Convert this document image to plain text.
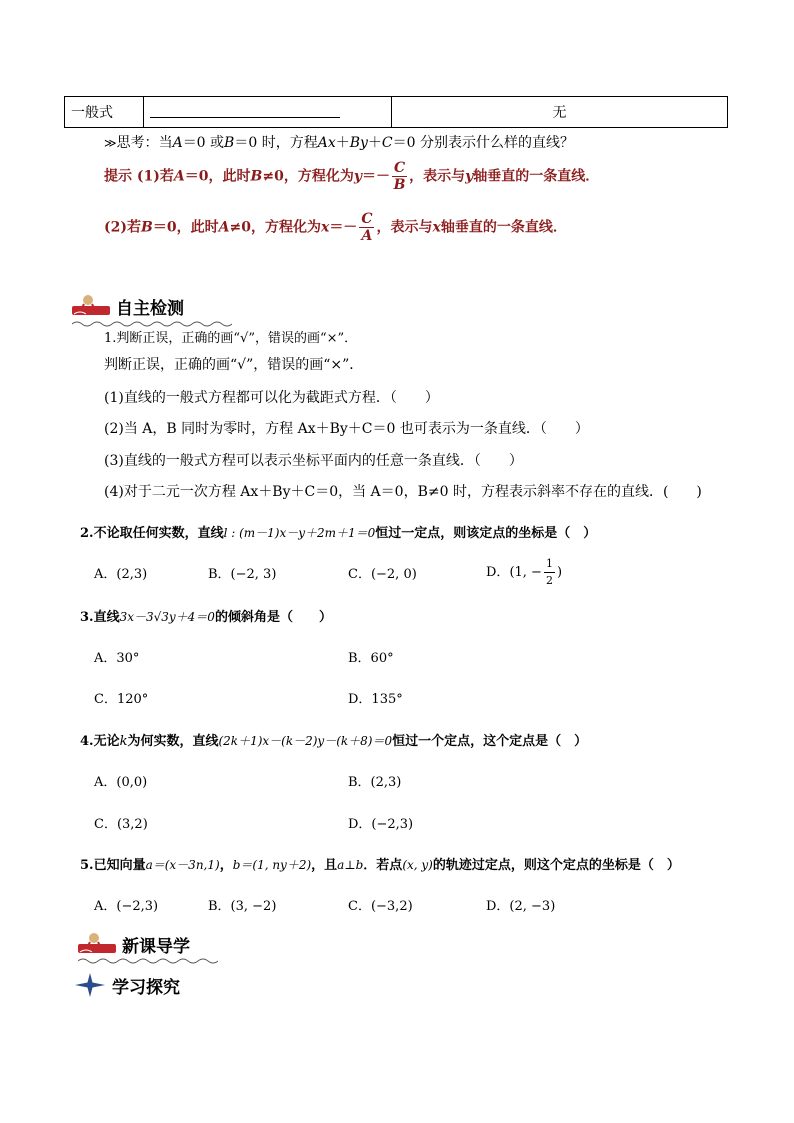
一般式		无
≫思考：当A＝0 或B＝0 时，方程Ax＋By＋C＝0 分别表示什么样的直线？
提示 (1)若A＝0，此时B≠0，方程化为$y=- \frac{C}{B}$ ，表示与y轴垂直的一条直线．
(2)若B＝0，此时A≠0，方程化为$x=- \frac{C}{A}$ ，表示与x轴垂直的一条直线．
自主检测
1.判断正误，正确的画“√”，错误的画“×”．
判断正误，正确的画“√”，错误的画“×”．
(1)直线的一般式方程都可以化为截距式方程．（　　）
(2)当 A，B 同时为零时，方程 Ax＋By＋C＝0 也可表示为一条直线．（　　）
(3)直线的一般式方程可以表示坐标平面内的任意一条直线．（　　）
(4)对于二元一次方程 Ax＋By＋C＝0，当 A＝0，B≠0 时，方程表示斜率不存在的直线．(　　)
2.不论取任何实数，直线l : (m－1)x－y＋2m＋1＝0恒过一定点，则该定点的坐标是（　）
A．(2,3)	B．(−2, 3)	C．(−2, 0)	D．(1, − $\frac{1}{2}$ )
3.直线3x－3√3y＋4＝0的倾斜角是（　　）
A．30°	B．60°
C．120°	D．135°
4.无论k为何实数，直线(2k＋1)x－(k－2)y－(k＋8)＝0恒过一个定点，这个定点是（　）
A．(0,0)	B．(2,3)
C．(3,2)	D．(−2,3)
5.已知向量a＝(x－3n,1)，b＝(1, ny＋2)，且a⊥b．若点(x, y)的轨迹过定点，则这个定点的坐标是（　）
A．(−2,3)	B．(3, −2)	C．(−3,2)	D．(2, −3)
新课导学
学习探究
